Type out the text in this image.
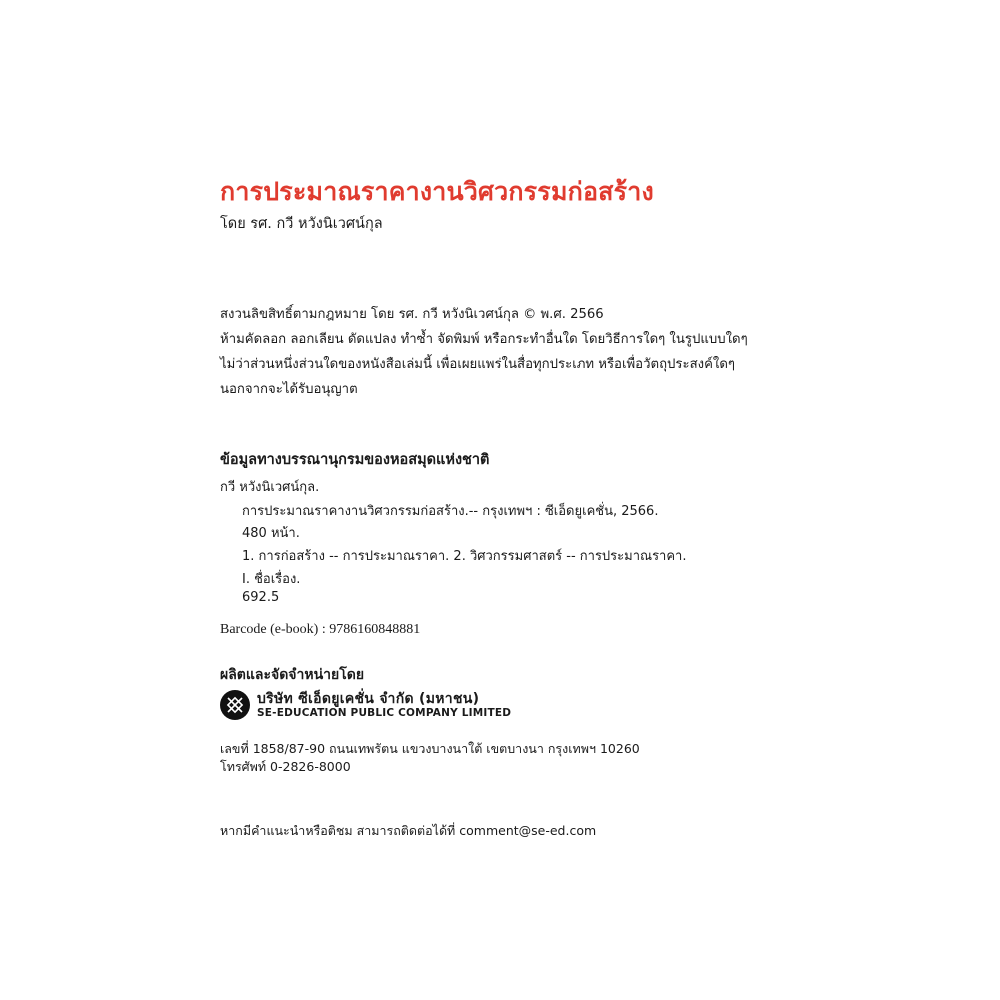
การประมาณราคางานวิศวกรรมก่อสร้าง
โดย รศ. กวี หวังนิเวศน์กุล
สงวนลิขสิทธิ์ตามกฎหมาย โดย รศ. กวี หวังนิเวศน์กุล © พ.ศ. 2566
ห้ามคัดลอก ลอกเลียน ดัดแปลง ทำซ้ำ จัดพิมพ์ หรือกระทำอื่นใด โดยวิธีการใดๆ ในรูปแบบใดๆ
ไม่ว่าส่วนหนึ่งส่วนใดของหนังสือเล่มนี้ เพื่อเผยแพร่ในสื่อทุกประเภท หรือเพื่อวัตถุประสงค์ใดๆ
นอกจากจะได้รับอนุญาต
ข้อมูลทางบรรณานุกรมของหอสมุดแห่งชาติ
กวี หวังนิเวศน์กุล.
การประมาณราคางานวิศวกรรมก่อสร้าง.-- กรุงเทพฯ : ซีเอ็ดยูเคชั่น, 2566.
480 หน้า.
1. การก่อสร้าง -- การประมาณราคา. 2. วิศวกรรมศาสตร์ -- การประมาณราคา.
I. ชื่อเรื่อง.
692.5
Barcode (e-book) : 9786160848881
ผลิตและจัดจำหน่ายโดย
บริษัท ซีเอ็ดยูเคชั่น จำกัด (มหาชน)
SE-EDUCATION PUBLIC COMPANY LIMITED
เลขที่ 1858/87-90 ถนนเทพรัตน แขวงบางนาใต้ เขตบางนา กรุงเทพฯ 10260
โทรศัพท์ 0-2826-8000
หากมีคำแนะนำหรือติชม สามารถติดต่อได้ที่ comment@se-ed.com
